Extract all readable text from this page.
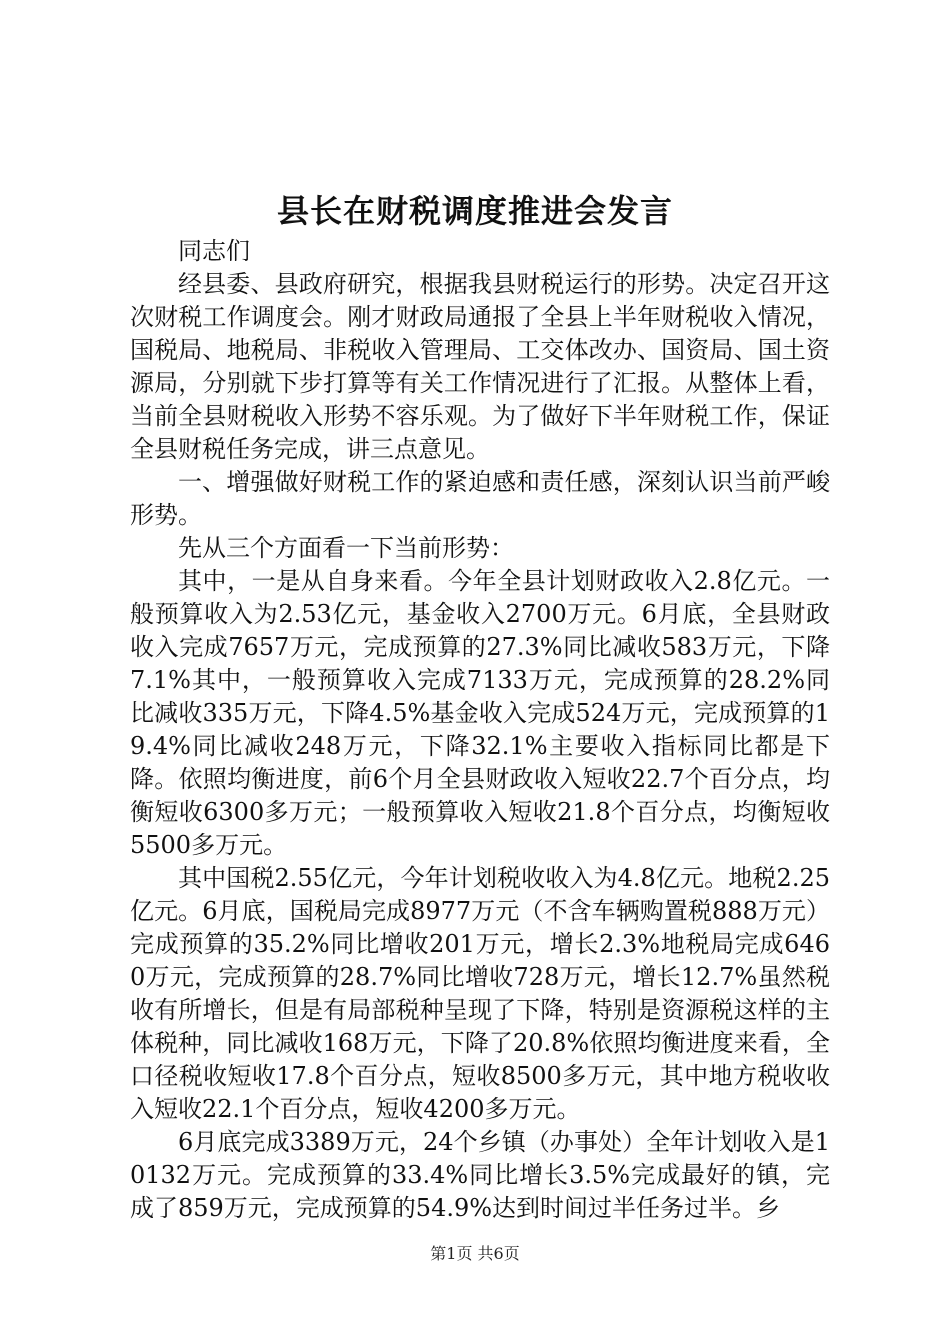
县长在财税调度推进会发言

同志们

经县委、县政府研究，根据我县财税运行的形势。决定召开这次财税工作调度会。刚才财政局通报了全县上半年财税收入情况，国税局、地税局、非税收入管理局、工交体改办、国资局、国土资源局，分别就下步打算等有关工作情况进行了汇报。从整体上看，当前全县财税收入形势不容乐观。为了做好下半年财税工作，保证全县财税任务完成，讲三点意见。

一、增强做好财税工作的紧迫感和责任感，深刻认识当前严峻形势。

先从三个方面看一下当前形势：

其中，一是从自身来看。今年全县计划财政收入2.8亿元。一般预算收入为2.53亿元，基金收入2700万元。6月底，全县财政收入完成7657万元，完成预算的27.3%同比减收583万元，下降7.1%其中，一般预算收入完成7133万元，完成预算的28.2%同比减收335万元，下降4.5%基金收入完成524万元，完成预算的19.4%同比减收248万元，下降32.1%主要收入指标同比都是下降。依照均衡进度，前6个月全县财政收入短收22.7个百分点，均衡短收6300多万元；一般预算收入短收21.8个百分点，均衡短收5500多万元。

其中国税2.55亿元，今年计划税收收入为4.8亿元。地税2.25亿元。6月底，国税局完成8977万元（不含车辆购置税888万元）完成预算的35.2%同比增收201万元，增长2.3%地税局完成6460万元，完成预算的28.7%同比增收728万元，增长12.7%虽然税收有所增长，但是有局部税种呈现了下降，特别是资源税这样的主体税种，同比减收168万元，下降了20.8%依照均衡进度来看，全口径税收短收17.8个百分点，短收8500多万元，其中地方税收收入短收22.1个百分点，短收4200多万元。

6月底完成3389万元，24个乡镇（办事处）全年计划收入是10132万元。完成预算的33.4%同比增长3.5%完成最好的镇，完成了859万元，完成预算的54.9%达到时间过半任务过半。乡

第1页 共6页
